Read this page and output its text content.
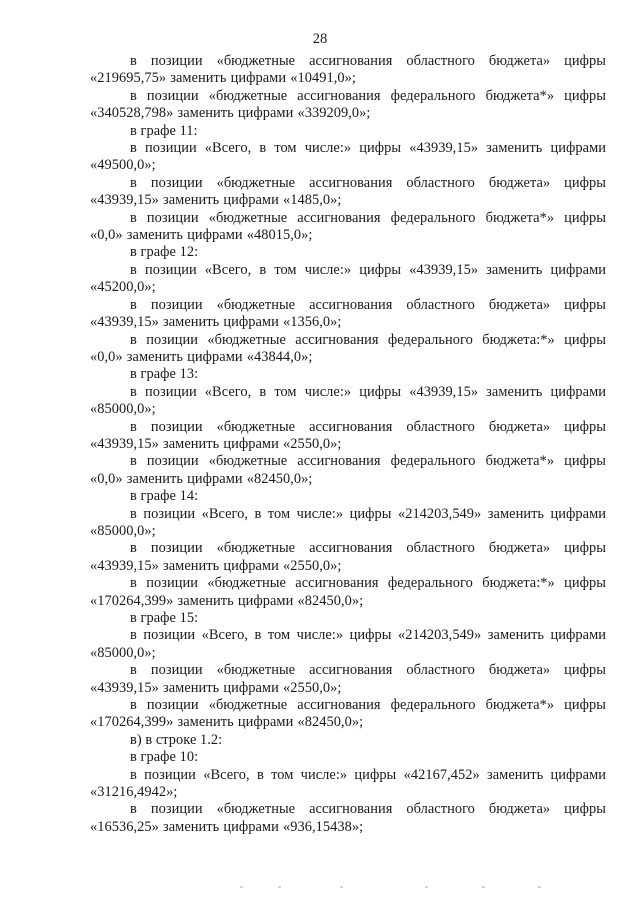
28

в позиции «бюджетные ассигнования областного бюджета» цифры «219695,75» заменить цифрами «10491,0»;

в позиции «бюджетные ассигнования федерального бюджета*» цифры «340528,798» заменить цифрами «339209,0»;

в графе 11:

в позиции «Всего, в том числе:» цифры «43939,15» заменить цифрами «49500,0»;

в позиции «бюджетные ассигнования областного бюджета» цифры «43939,15» заменить цифрами «1485,0»;

в позиции «бюджетные ассигнования федерального бюджета*» цифры «0,0» заменить цифрами «48015,0»;

в графе 12:

в позиции «Всего, в том числе:» цифры «43939,15» заменить цифрами «45200,0»;

в позиции «бюджетные ассигнования областного бюджета» цифры «43939,15» заменить цифрами «1356,0»;

в позиции «бюджетные ассигнования федерального бюджета:*» цифры «0,0» заменить цифрами «43844,0»;

в графе 13:

в позиции «Всего, в том числе:» цифры «43939,15» заменить цифрами «85000,0»;

в позиции «бюджетные ассигнования областного бюджета» цифры «43939,15» заменить цифрами «2550,0»;

в позиции «бюджетные ассигнования федерального бюджета*» цифры «0,0» заменить цифрами «82450,0»;

в графе 14:

в позиции «Всего, в том числе:» цифры «214203,549» заменить цифрами «85000,0»;

в позиции «бюджетные ассигнования областного бюджета» цифры «43939,15» заменить цифрами «2550,0»;

в позиции «бюджетные ассигнования федерального бюджета:*» цифры «170264,399» заменить цифрами «82450,0»;

в графе 15:

в позиции «Всего, в том числе:» цифры «214203,549» заменить цифрами «85000,0»;

в позиции «бюджетные ассигнования областного бюджета» цифры «43939,15» заменить цифрами «2550,0»;

в позиции «бюджетные ассигнования федерального бюджета*» цифры «170264,399» заменить цифрами «82450,0»;

в) в строке 1.2:

в графе 10:

в позиции «Всего, в том числе:» цифры «42167,452» заменить цифрами «31216,4942»;

в позиции «бюджетные ассигнования областного бюджета» цифры «16536,25» заменить цифрами «936,15438»;
